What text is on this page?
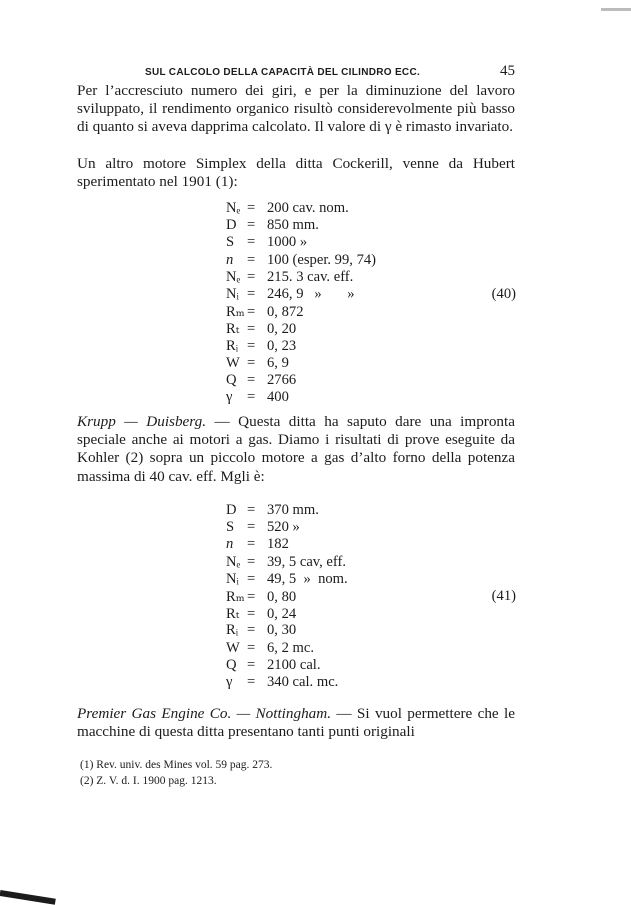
SUL CALCOLO DELLA CAPACITÀ DEL CILINDRO ECC.	45

Per l’accresciuto numero dei giri, e per la diminuzione del lavoro sviluppato, il rendimento organico risultò considerevolmente più basso di quanto si aveva dapprima calcolato. Il valore di γ è rimasto invariato.

Un altro motore Simplex della ditta Cockerill, venne da Hubert sperimentato nel 1901 (1):

Nₑ = 200 cav. nom.
D = 850 mm.
S = 1000 »
n = 100 (esper. 99, 74)
Nₑ = 215. 3 cav. eff.
Nᵢ = 246, 9   »       »
Rₘ = 0, 872
Rₜ = 0, 20
Rᵢ = 0, 23
W = 6, 9
Q = 2766
γ = 400
(40)

Krupp — Duisberg. — Questa ditta ha saputo dare una impronta speciale anche ai motori a gas. Diamo i risultati di prove eseguite da Kohler (2) sopra un piccolo motore a gas d’alto forno della potenza massima di 40 cav. eff. Mgli è:

D = 370 mm.
S = 520 »
n = 182
Nₑ = 39, 5 cav, eff.
Nᵢ = 49, 5  »  nom.
Rₘ = 0, 80
Rₜ = 0, 24
Rᵢ = 0, 30
W = 6, 2 mc.
Q = 2100 cal.
γ = 340 cal. mc.
(41)

Premier Gas Engine Co. — Nottingham. — Si vuol permettere che le macchine di questa ditta presentano tanti punti originali

(1) Rev. univ. des Mines vol. 59 pag. 273.
(2) Z. V. d. I. 1900 pag. 1213.
